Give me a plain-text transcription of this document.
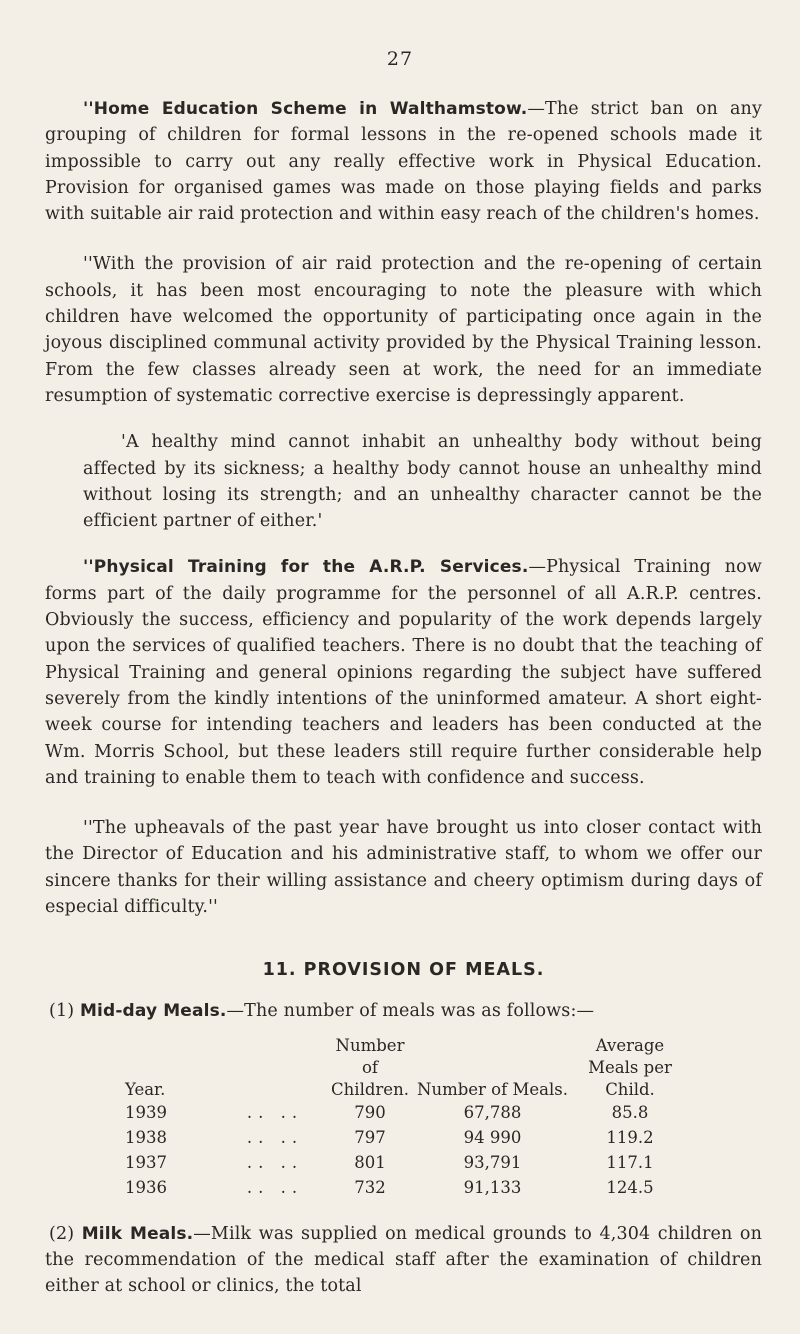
27

''Home Education Scheme in Walthamstow.—The strict ban on any grouping of children for formal lessons in the re-opened schools made it impossible to carry out any really effective work in Physical Education. Provision for organised games was made on those playing fields and parks with suitable air raid protection and within easy reach of the children's homes.

''With the provision of air raid protection and the re-opening of certain schools, it has been most encouraging to note the pleasure with which children have welcomed the opportunity of participating once again in the joyous disciplined communal activity provided by the Physical Training lesson. From the few classes already seen at work, the need for an immediate resumption of systematic corrective exercise is depressingly apparent.

'A healthy mind cannot inhabit an unhealthy body without being affected by its sickness; a healthy body cannot house an unhealthy mind without losing its strength; and an unhealthy character cannot be the efficient partner of either.'

''Physical Training for the A.R.P. Services.—Physical Training now forms part of the daily programme for the personnel of all A.R.P. centres. Obviously the success, efficiency and popularity of the work depends largely upon the services of qualified teachers. There is no doubt that the teaching of Physical Training and general opinions regarding the subject have suffered severely from the kindly intentions of the uninformed amateur. A short eight-week course for intending teachers and leaders has been conducted at the Wm. Morris School, but these leaders still require further considerable help and training to enable them to teach with confidence and success.

''The upheavals of the past year have brought us into closer contact with the Director of Education and his administrative staff, to whom we offer our sincere thanks for their willing assistance and cheery optimism during days of especial difficulty.''

11. PROVISION OF MEALS.

(1) Mid-day Meals.—The number of meals was as follows:—

Year.		Number of Children.	Number of Meals.	Average Meals per Child.
1939	.. ..	790	67,788	85.8
1938	.. ..	797	94 990	119.2
1937	.. ..	801	93,791	117.1
1936	.. ..	732	91,133	124.5

(2) Milk Meals.—Milk was supplied on medical grounds to 4,304 children on the recommendation of the medical staff after the examination of children either at school or clinics, the total
